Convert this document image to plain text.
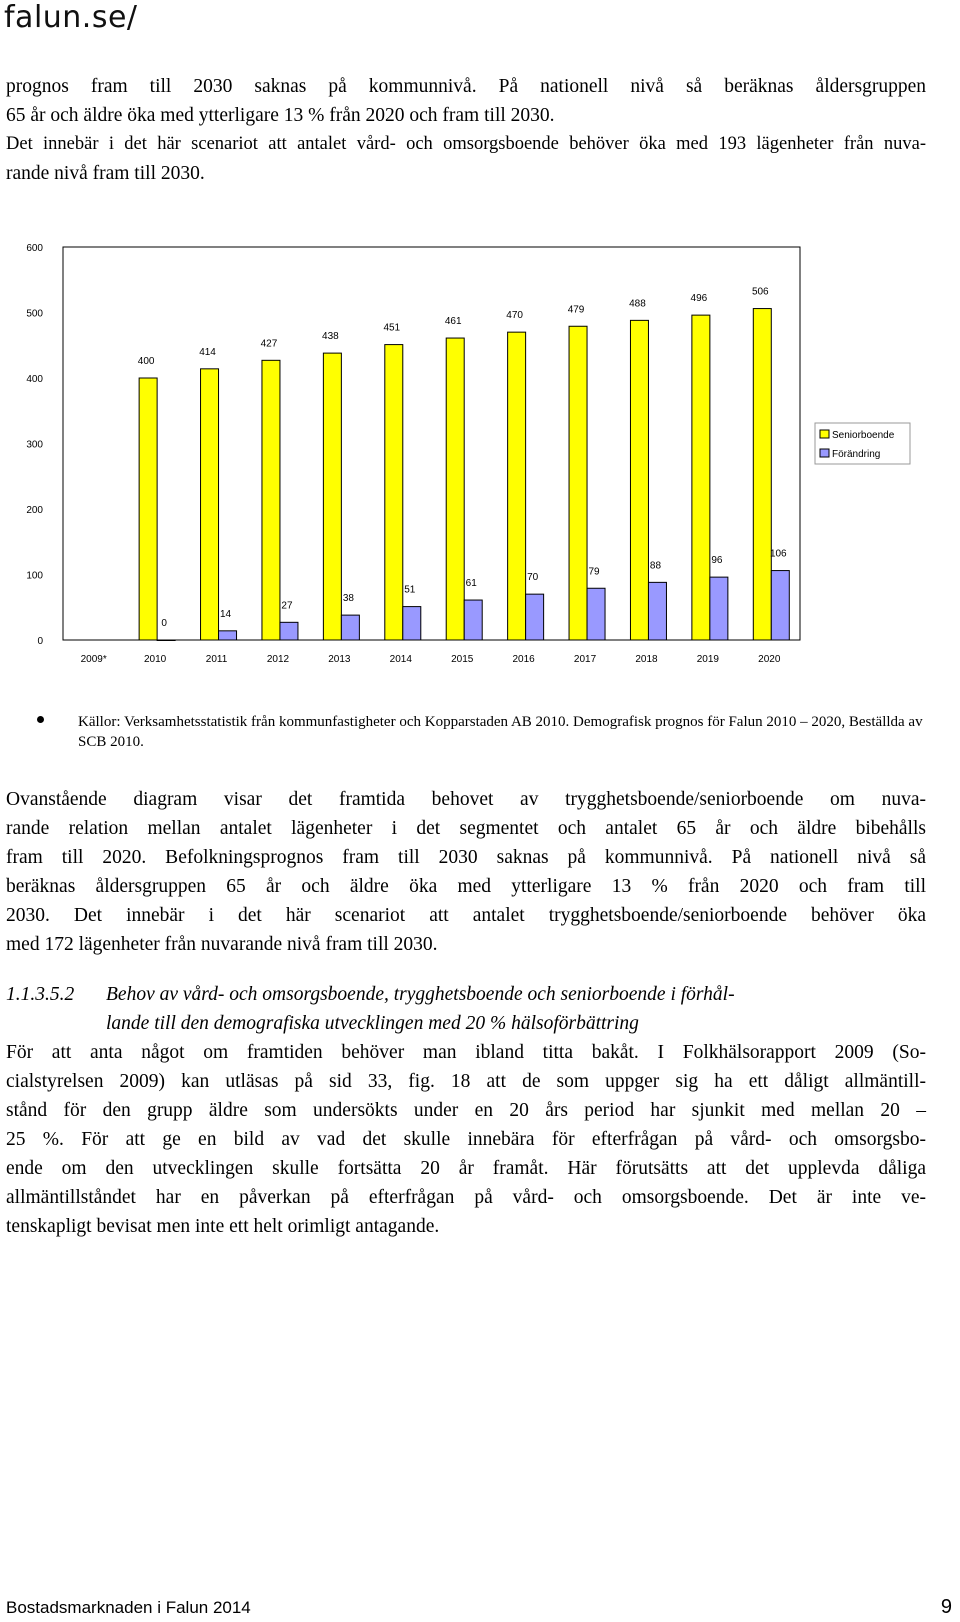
falun.se/

prognos fram till 2030 saknas på kommunnivå. På nationell nivå så beräknas åldersgruppen
65 år och äldre öka med ytterligare 13 % från 2020 och fram till 2030.
Det innebär i det här scenariot att antalet vård- och omsorgsboende behöver öka med 193 lägenheter från nuva-
rande nivå fram till 2030.

0
100
200
300
400
500
600
2009*	2010	2011	2012	2013	2014	2015	2016	2017	2018	2019	2020
400
414
427
438
451
461
470
479
488	496
506
0
14
27
38
51
61
70
79
88	96
106
Seniorboende
Förändring
Källor: Verksamhetsstatistik från kommunfastigheter och Kopparstaden AB 2010. Demografisk prognos för Falun 2010 – 2020, Beställda av SCB 2010.

Ovanstående diagram visar det framtida behovet av trygghetsboende/seniorboende om nuva-
rande relation mellan antalet lägenheter i det segmentet och antalet 65 år och äldre bibehålls
fram till 2020. Befolkningsprognos fram till 2030 saknas på kommunnivå. På nationell nivå så
beräknas åldersgruppen 65 år och äldre öka med ytterligare 13 % från 2020 och fram till
2030. Det innebär i det här scenariot att antalet trygghetsboende/seniorboende behöver öka
med 172 lägenheter från nuvarande nivå fram till 2030.

1.1.3.5.2 Behov av vård- och omsorgsboende, trygghetsboende och seniorboende i förhål-
lande till den demografiska utvecklingen med 20 % hälsoförbättring

För att anta något om framtiden behöver man ibland titta bakåt. I Folkhälsorapport 2009 (So-
cialstyrelsen 2009) kan utläsas på sid 33, fig. 18 att de som uppger sig ha ett dåligt allmäntill-
stånd för den grupp äldre som undersökts under en 20 års period har sjunkit med mellan 20 –
25 %. För att ge en bild av vad det skulle innebära för efterfrågan på vård- och omsorgsbo-
ende om den utvecklingen skulle fortsätta 20 år framåt. Här förutsätts att det upplevda dåliga
allmäntillståndet har en påverkan på efterfrågan på vård- och omsorgsboende. Det är inte ve-
tenskapligt bevisat men inte ett helt orimligt antagande.

Bostadsmarknaden i Falun 2014	9
